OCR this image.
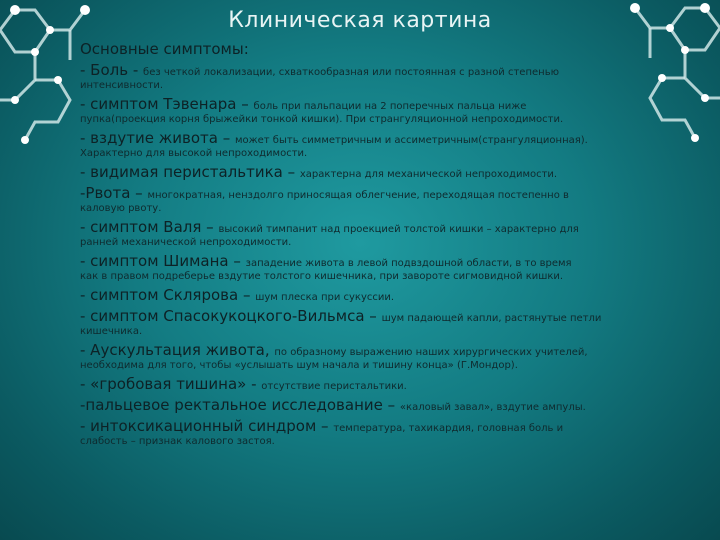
Клиническая картина
Основные симптомы:
- Боль - без четкой локализации, схваткообразная или постоянная с разной степенью
интенсивности.
- симптом Тэвенара – боль при пальпации на 2 поперечных пальца ниже
пупка(проекция корня брыжейки тонкой кишки). При странгуляционной непроходимости.
- вздутие живота – может быть симметричным и ассиметричным(странгуляционная).
Характерно для высокой непроходимости.
- видимая перистальтика – характерна для механической непроходимости.
-Рвота – многократная, ненздолго приносящая облегчение, переходящая постепенно в
каловую рвоту.
- симптом Валя – высокий тимпанит над проекцией толстой кишки – характерно для
ранней механической непроходимости.
- симптом Шимана – западение живота в левой подвздошной области, в то время
как в правом подреберье вздутие толстого кишечника, при завороте сигмовидной кишки.
- симптом Склярова – шум плеска при сукуссии.
- симптом Спасокукоцкого-Вильмса – шум падающей капли, растянутые петли
кишечника.
- Аускультация живота, по образному выражению наших хирургических учителей,
необходима для того, чтобы «услышать шум начала и тишину конца» (Г.Мондор).
- «гробовая тишина» - отсутствие перистальтики.
-пальцевое ректальное исследование – «каловый завал», вздутие ампулы.
- интоксикационный синдром – температура, тахикардия, головная боль и
слабость – признак калового застоя.
